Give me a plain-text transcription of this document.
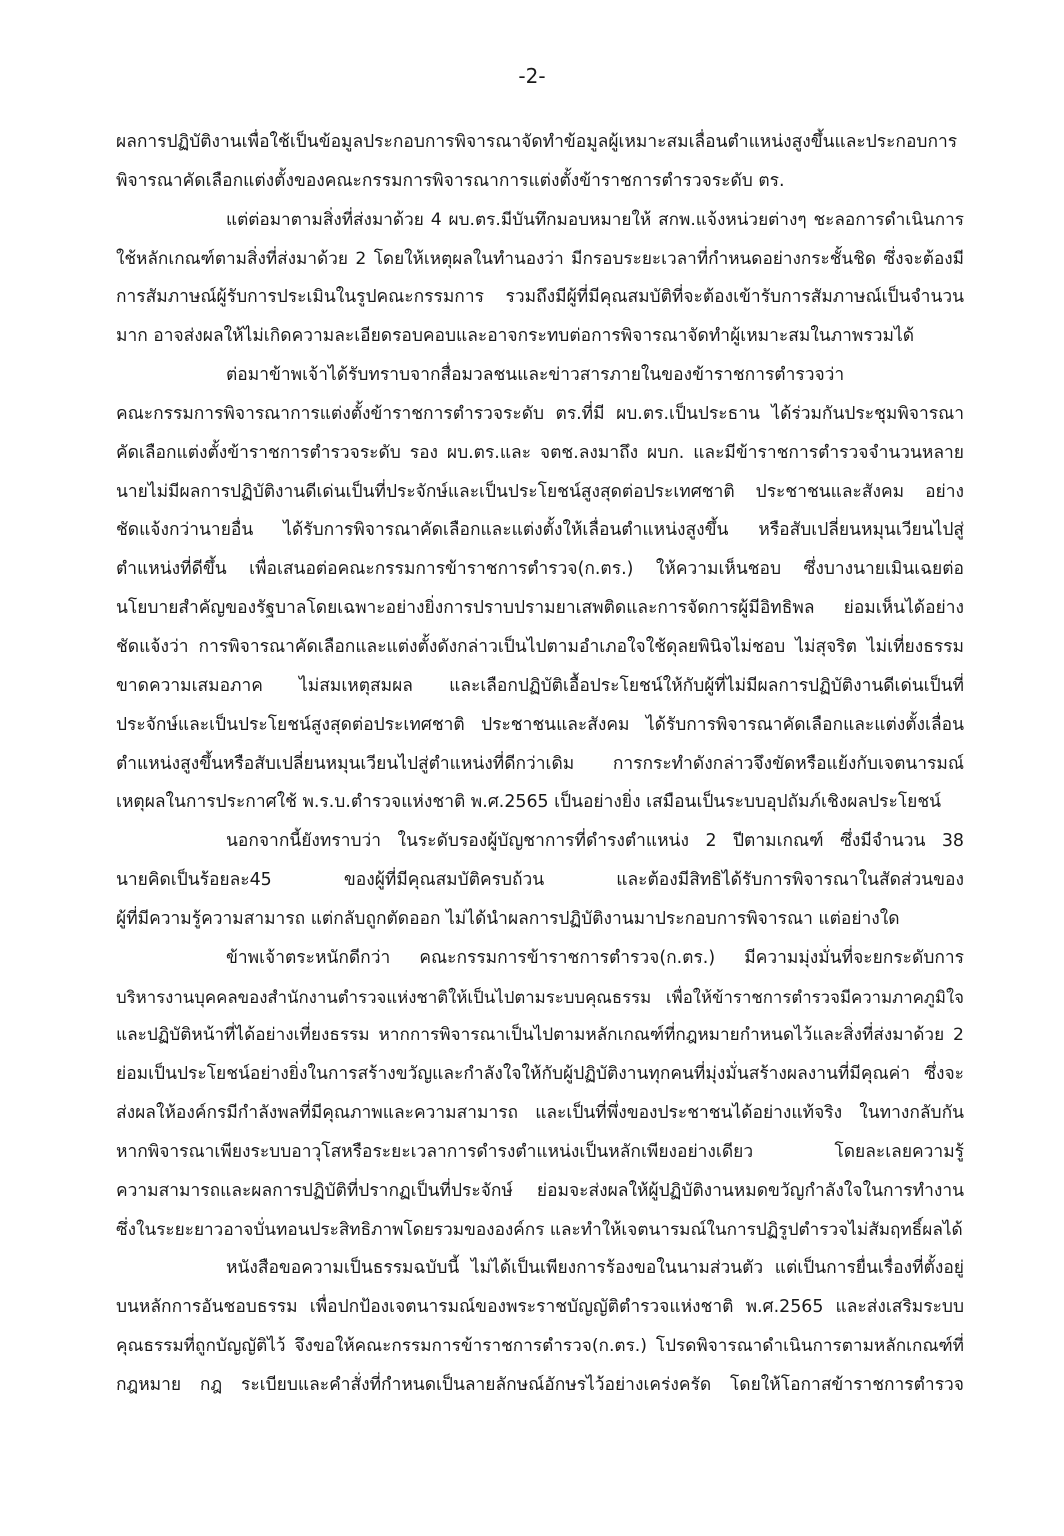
-2-
ผลการปฏิบัติงานเพื่อใช้เป็นข้อมูลประกอบการพิจารณาจัดทำข้อมูลผู้เหมาะสมเลื่อนตำแหน่งสูงขึ้นและประกอบการ
พิจารณาคัดเลือกแต่งตั้งของคณะกรรมการพิจารณาการแต่งตั้งข้าราชการตำรวจระดับ ตร.
แต่ต่อมาตามสิ่งที่ส่งมาด้วย 4 ผบ.ตร.มีบันทึกมอบหมายให้ สกพ.แจ้งหน่วยต่างๆ ชะลอการดำเนินการ
ใช้หลักเกณฑ์ตามสิ่งที่ส่งมาด้วย 2 โดยให้เหตุผลในทำนองว่า มีกรอบระยะเวลาที่กำหนดอย่างกระชั้นชิด ซึ่งจะต้องมี
การสัมภาษณ์ผู้รับการประเมินในรูปคณะกรรมการ รวมถึงมีผู้ที่มีคุณสมบัติที่จะต้องเข้ารับการสัมภาษณ์เป็นจำนวน
มาก อาจส่งผลให้ไม่เกิดความละเอียดรอบคอบและอาจกระทบต่อการพิจารณาจัดทำผู้เหมาะสมในภาพรวมได้
ต่อมาข้าพเจ้าได้รับทราบจากสื่อมวลชนและข่าวสารภายในของข้าราชการตำรวจว่า
คณะกรรมการพิจารณาการแต่งตั้งข้าราชการตำรวจระดับ ตร.ที่มี ผบ.ตร.เป็นประธาน ได้ร่วมกันประชุมพิจารณา
คัดเลือกแต่งตั้งข้าราชการตำรวจระดับ รอง ผบ.ตร.และ จตช.ลงมาถึง ผบก. และมีข้าราชการตำรวจจำนวนหลาย
นายไม่มีผลการปฏิบัติงานดีเด่นเป็นที่ประจักษ์และเป็นประโยชน์สูงสุดต่อประเทศชาติ ประชาชนและสังคม อย่าง
ชัดแจ้งกว่านายอื่น ได้รับการพิจารณาคัดเลือกและแต่งตั้งให้เลื่อนตำแหน่งสูงขึ้น หรือสับเปลี่ยนหมุนเวียนไปสู่
ตำแหน่งที่ดีขึ้น เพื่อเสนอต่อคณะกรรมการข้าราชการตำรวจ(ก.ตร.) ให้ความเห็นชอบ ซึ่งบางนายเมินเฉยต่อ
นโยบายสำคัญของรัฐบาลโดยเฉพาะอย่างยิ่งการปราบปรามยาเสพติดและการจัดการผู้มีอิทธิพล ย่อมเห็นได้อย่าง
ชัดแจ้งว่า การพิจารณาคัดเลือกและแต่งตั้งดังกล่าวเป็นไปตามอำเภอใจใช้ดุลยพินิจไม่ชอบ ไม่สุจริต ไม่เที่ยงธรรม
ขาดความเสมอภาค ไม่สมเหตุสมผล และเลือกปฏิบัติเอื้อประโยชน์ให้กับผู้ที่ไม่มีผลการปฏิบัติงานดีเด่นเป็นที่
ประจักษ์และเป็นประโยชน์สูงสุดต่อประเทศชาติ ประชาชนและสังคม ได้รับการพิจารณาคัดเลือกและแต่งตั้งเลื่อน
ตำแหน่งสูงขึ้นหรือสับเปลี่ยนหมุนเวียนไปสู่ตำแหน่งที่ดีกว่าเดิม การกระทำดังกล่าวจึงขัดหรือแย้งกับเจตนารมณ์
เหตุผลในการประกาศใช้ พ.ร.บ.ตำรวจแห่งชาติ พ.ศ.2565 เป็นอย่างยิ่ง เสมือนเป็นระบบอุปถัมภ์เชิงผลประโยชน์
นอกจากนี้ยังทราบว่า ในระดับรองผู้บัญชาการที่ดำรงตำแหน่ง 2 ปีตามเกณฑ์ ซึ่งมีจำนวน 38
นายคิดเป็นร้อยละ45 ของผู้ที่มีคุณสมบัติครบถ้วน และต้องมีสิทธิได้รับการพิจารณาในสัดส่วนของ
ผู้ที่มีความรู้ความสามารถ แต่กลับถูกตัดออก ไม่ได้นำผลการปฏิบัติงานมาประกอบการพิจารณา แต่อย่างใด
ข้าพเจ้าตระหนักดีกว่า คณะกรรมการข้าราชการตำรวจ(ก.ตร.) มีความมุ่งมั่นที่จะยกระดับการ
บริหารงานบุคคลของสำนักงานตำรวจแห่งชาติให้เป็นไปตามระบบคุณธรรม เพื่อให้ข้าราชการตำรวจมีความภาคภูมิใจ
และปฏิบัติหน้าที่ได้อย่างเที่ยงธรรม หากการพิจารณาเป็นไปตามหลักเกณฑ์ที่กฎหมายกำหนดไว้และสิ่งที่ส่งมาด้วย 2
ย่อมเป็นประโยชน์อย่างยิ่งในการสร้างขวัญและกำลังใจให้กับผู้ปฏิบัติงานทุกคนที่มุ่งมั่นสร้างผลงานที่มีคุณค่า ซึ่งจะ
ส่งผลให้องค์กรมีกำลังพลที่มีคุณภาพและความสามารถ และเป็นที่พึ่งของประชาชนได้อย่างแท้จริง ในทางกลับกัน
หากพิจารณาเพียงระบบอาวุโสหรือระยะเวลาการดำรงตำแหน่งเป็นหลักเพียงอย่างเดียว โดยละเลยความรู้
ความสามารถและผลการปฏิบัติที่ปรากฏเป็นที่ประจักษ์ ย่อมจะส่งผลให้ผู้ปฏิบัติงานหมดขวัญกำลังใจในการทำงาน
ซึ่งในระยะยาวอาจบั่นทอนประสิทธิภาพโดยรวมขององค์กร และทำให้เจตนารมณ์ในการปฏิรูปตำรวจไม่สัมฤทธิ์ผลได้
หนังสือขอความเป็นธรรมฉบับนี้ ไม่ได้เป็นเพียงการร้องขอในนามส่วนตัว แต่เป็นการยื่นเรื่องที่ตั้งอยู่
บนหลักการอันชอบธรรม เพื่อปกป้องเจตนารมณ์ของพระราชบัญญัติตำรวจแห่งชาติ พ.ศ.2565 และส่งเสริมระบบ
คุณธรรมที่ถูกบัญญัติไว้ จึงขอให้คณะกรรมการข้าราชการตำรวจ(ก.ตร.) โปรดพิจารณาดำเนินการตามหลักเกณฑ์ที่
กฎหมาย กฎ ระเบียบและคำสั่งที่กำหนดเป็นลายลักษณ์อักษรไว้อย่างเคร่งครัด โดยให้โอกาสข้าราชการตำรวจ
